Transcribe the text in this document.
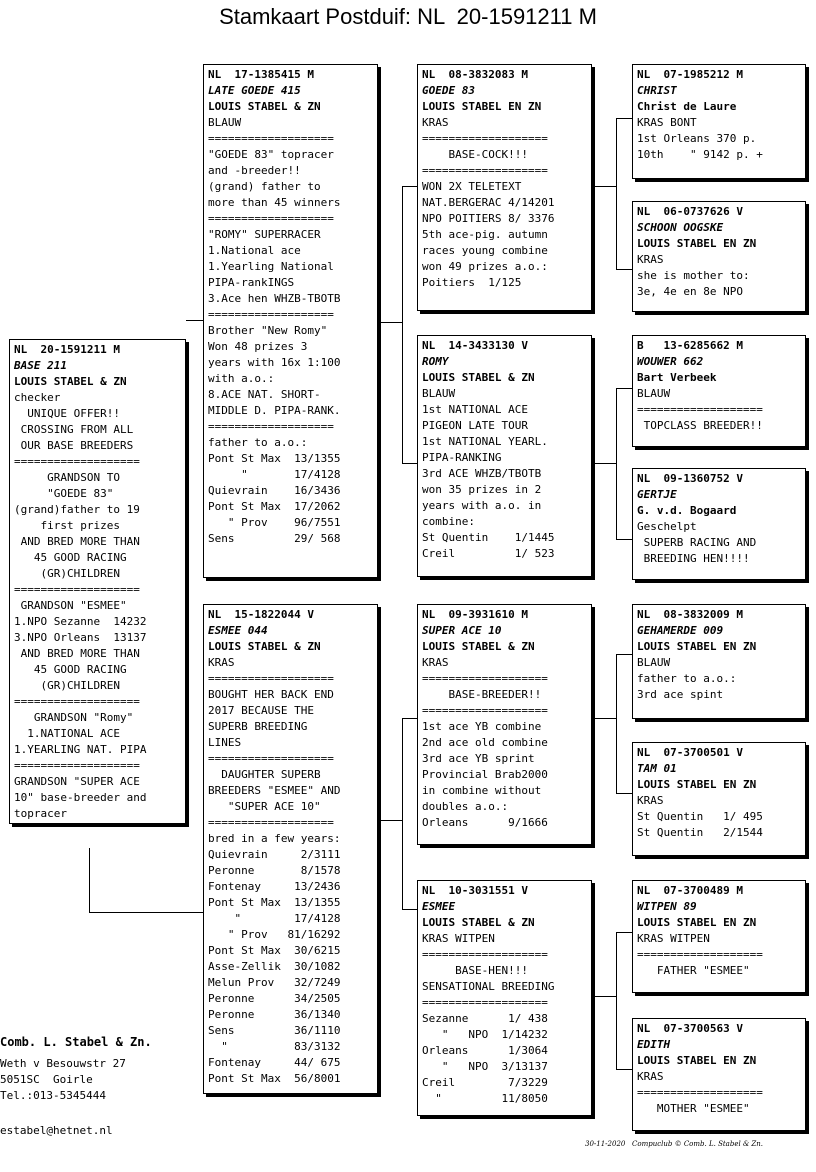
Stamkaart Postduif: NL  20-1591211 M
NL  20-1591211 M
BASE 211
LOUIS STABEL & ZN
checker
UNIQUE OFFER!!
CROSSING FROM ALL
OUR BASE BREEDERS
===================
GRANDSON TO
"GOEDE 83"
(grand)father to 19
first prizes
AND BRED MORE THAN
45 GOOD RACING
(GR)CHILDREN
===================
GRANDSON "ESMEE"
1.NPO Sezanne  14232
3.NPO Orleans  13137
AND BRED MORE THAN
45 GOOD RACING
(GR)CHILDREN
===================
GRANDSON "Romy"
1.NATIONAL ACE
1.YEARLING NAT. PIPA
===================
GRANDSON "SUPER ACE
10" base-breeder and
topracer
NL  17-1385415 M
LATE GOEDE 415
LOUIS STABEL & ZN
BLAUW
===================
"GOEDE 83" topracer
and -breeder!!
(grand) father to
more than 45 winners
===================
"ROMY" SUPERRACER
1.National ace
1.Yearling National
PIPA-rankINGS
3.Ace hen WHZB-TBOTB
===================
Brother "New Romy"
Won 48 prizes 3
years with 16x 1:100
with a.o.:
8.ACE NAT. SHORT-
MIDDLE D. PIPA-RANK.
===================
father to a.o.:
Pont St Max  13/1355
"       17/4128
Quievrain    16/3436
Pont St Max  17/2062
" Prov    96/7551
Sens         29/ 568
NL  15-1822044 V
ESMEE 044
LOUIS STABEL & ZN
KRAS
===================
BOUGHT HER BACK END
2017 BECAUSE THE
SUPERB BREEDING
LINES
===================
DAUGHTER SUPERB
BREEDERS "ESMEE" AND
"SUPER ACE 10"
===================
bred in a few years:
Quievrain     2/3111
Peronne       8/1578
Fontenay     13/2436
Pont St Max  13/1355
"        17/4128
" Prov   81/16292
Pont St Max  30/6215
Asse-Zellik  30/1082
Melun Prov   32/7249
Peronne      34/2505
Peronne      36/1340
Sens         36/1110
"          83/3132
Fontenay     44/ 675
Pont St Max  56/8001
NL  08-3832083 M
GOEDE 83
LOUIS STABEL EN ZN
KRAS
===================
BASE-COCK!!!
===================
WON 2X TELETEXT
NAT.BERGERAC 4/14201
NPO POITIERS 8/ 3376
5th ace-pig. autumn
races young combine
won 49 prizes a.o.:
Poitiers  1/125
NL  14-3433130 V
ROMY
LOUIS STABEL & ZN
BLAUW
1st NATIONAL ACE
PIGEON LATE TOUR
1st NATIONAL YEARL.
PIPA-RANKING
3rd ACE WHZB/TBOTB
won 35 prizes in 2
years with a.o. in
combine:
St Quentin    1/1445
Creil         1/ 523
NL  09-3931610 M
SUPER ACE 10
LOUIS STABEL & ZN
KRAS
===================
BASE-BREEDER!!
===================
1st ace YB combine
2nd ace old combine
3rd ace YB sprint
Provincial Brab2000
in combine without
doubles a.o.:
Orleans      9/1666
NL  10-3031551 V
ESMEE
LOUIS STABEL & ZN
KRAS WITPEN
===================
BASE-HEN!!!
SENSATIONAL BREEDING
===================
Sezanne      1/ 438
"   NPO  1/14232
Orleans      1/3064
"   NPO  3/13137
Creil        7/3229
"         11/8050
NL  07-1985212 M
CHRIST
Christ de Laure
KRAS BONT
1st Orleans 370 p.
10th    " 9142 p. +
NL  06-0737626 V
SCHOON OOGSKE
LOUIS STABEL EN ZN
KRAS
she is mother to:
3e, 4e en 8e NPO
B   13-6285662 M
WOUWER 662
Bart Verbeek
BLAUW
===================
TOPCLASS BREEDER!!
NL  09-1360752 V
GERTJE
G. v.d. Bogaard
Geschelpt
SUPERB RACING AND
BREEDING HEN!!!!
NL  08-3832009 M
GEHAMERDE 009
LOUIS STABEL EN ZN
BLAUW
father to a.o.:
3rd ace spint
NL  07-3700501 V
TAM 01
LOUIS STABEL EN ZN
KRAS
St Quentin   1/ 495
St Quentin   2/1544
NL  07-3700489 M
WITPEN 89
LOUIS STABEL EN ZN
KRAS WITPEN
===================
FATHER "ESMEE"
NL  07-3700563 V
EDITH
LOUIS STABEL EN ZN
KRAS
===================
MOTHER "ESMEE"
Comb. L. Stabel & Zn.
Weth v Besouwstr 27
5051SC  Goirle
Tel.:013-5345444
estabel@hetnet.nl
30-11-2020   Compuclub © Comb. L. Stabel & Zn.
